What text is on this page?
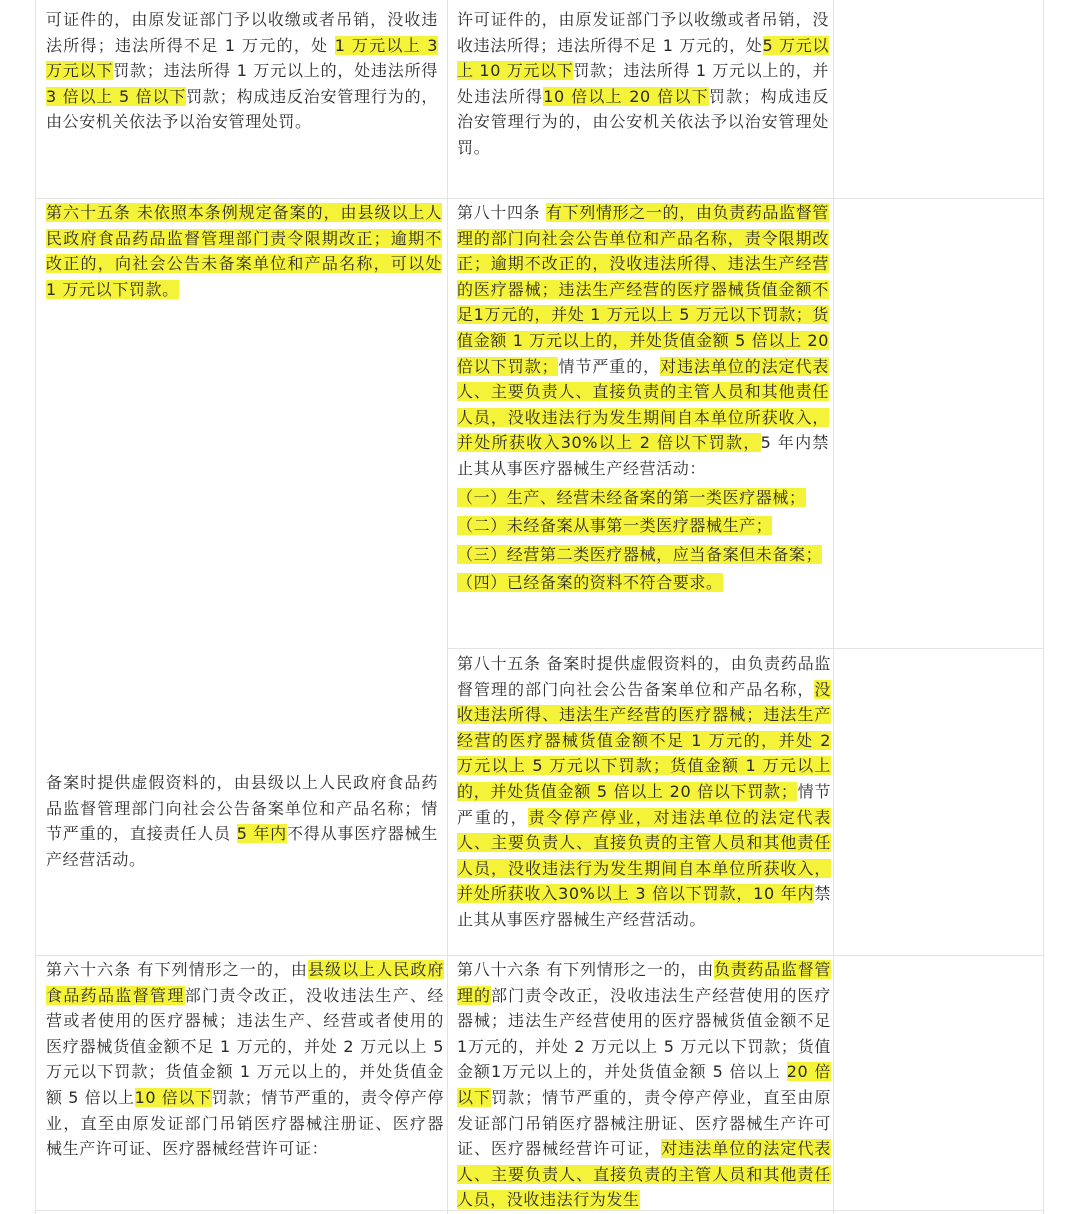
可证件的，由原发证部门予以收缴或者吊销，没收违法所得；违法所得不足 1 万元的，处 1 万元以上 3 万元以下罚款；违法所得 1 万元以上的，处违法所得3 倍以上 5 倍以下罚款；构成违反治安管理行为的，由公安机关依法予以治安管理处罚。

许可证件的，由原发证部门予以收缴或者吊销，没收违法所得；违法所得不足 1 万元的，处5 万元以上 10 万元以下罚款；违法所得 1 万元以上的，并处违法所得10 倍以上 20 倍以下罚款；构成违反治安管理行为的，由公安机关依法予以治安管理处罚。

第六十五条 未依照本条例规定备案的，由县级以上人民政府食品药品监督管理部门责令限期改正；逾期不改正的，向社会公告未备案单位和产品名称，可以处 1 万元以下罚款。

第八十四条 有下列情形之一的，由负责药品监督管理的部门向社会公告单位和产品名称，责令限期改正；逾期不改正的，没收违法所得、违法生产经营的医疗器械；违法生产经营的医疗器械货值金额不足1万元的，并处 1 万元以上 5 万元以下罚款；货值金额 1 万元以上的，并处货值金额 5 倍以上 20 倍以下罚款；情节严重的，对违法单位的法定代表人、主要负责人、直接负责的主管人员和其他责任人员，没收违法行为发生期间自本单位所获收入，并处所获收入30%以上 2 倍以下罚款，5 年内禁止其从事医疗器械生产经营活动：

（一）生产、经营未经备案的第一类医疗器械；

（二）未经备案从事第一类医疗器械生产；

（三）经营第二类医疗器械，应当备案但未备案；

（四）已经备案的资料不符合要求。

备案时提供虚假资料的，由县级以上人民政府食品药品监督管理部门向社会公告备案单位和产品名称；情节严重的，直接责任人员 5 年内不得从事医疗器械生产经营活动。

第八十五条 备案时提供虚假资料的，由负责药品监督管理的部门向社会公告备案单位和产品名称，没收违法所得、违法生产经营的医疗器械；违法生产经营的医疗器械货值金额不足 1 万元的，并处 2 万元以上 5 万元以下罚款；货值金额 1 万元以上的，并处货值金额 5 倍以上 20 倍以下罚款；情节严重的，责令停产停业，对违法单位的法定代表人、主要负责人、直接负责的主管人员和其他责任人员，没收违法行为发生期间自本单位所获收入，并处所获收入30%以上 3 倍以下罚款，10 年内禁止其从事医疗器械生产经营活动。

第六十六条 有下列情形之一的，由县级以上人民政府食品药品监督管理部门责令改正，没收违法生产、经营或者使用的医疗器械；违法生产、经营或者使用的医疗器械货值金额不足 1 万元的，并处 2 万元以上 5 万元以下罚款；货值金额 1 万元以上的，并处货值金额 5 倍以上10 倍以下罚款；情节严重的，责令停产停业，直至由原发证部门吊销医疗器械注册证、医疗器械生产许可证、医疗器械经营许可证：

第八十六条 有下列情形之一的，由负责药品监督管理的部门责令改正，没收违法生产经营使用的医疗器械；违法生产经营使用的医疗器械货值金额不足1万元的，并处 2 万元以上 5 万元以下罚款；货值金额1万元以上的，并处货值金额 5 倍以上 20 倍以下罚款；情节严重的，责令停产停业，直至由原发证部门吊销医疗器械注册证、医疗器械生产许可证、医疗器械经营许可证，对违法单位的法定代表人、主要负责人、直接负责的主管人员和其他责任人员，没收违法行为发生
